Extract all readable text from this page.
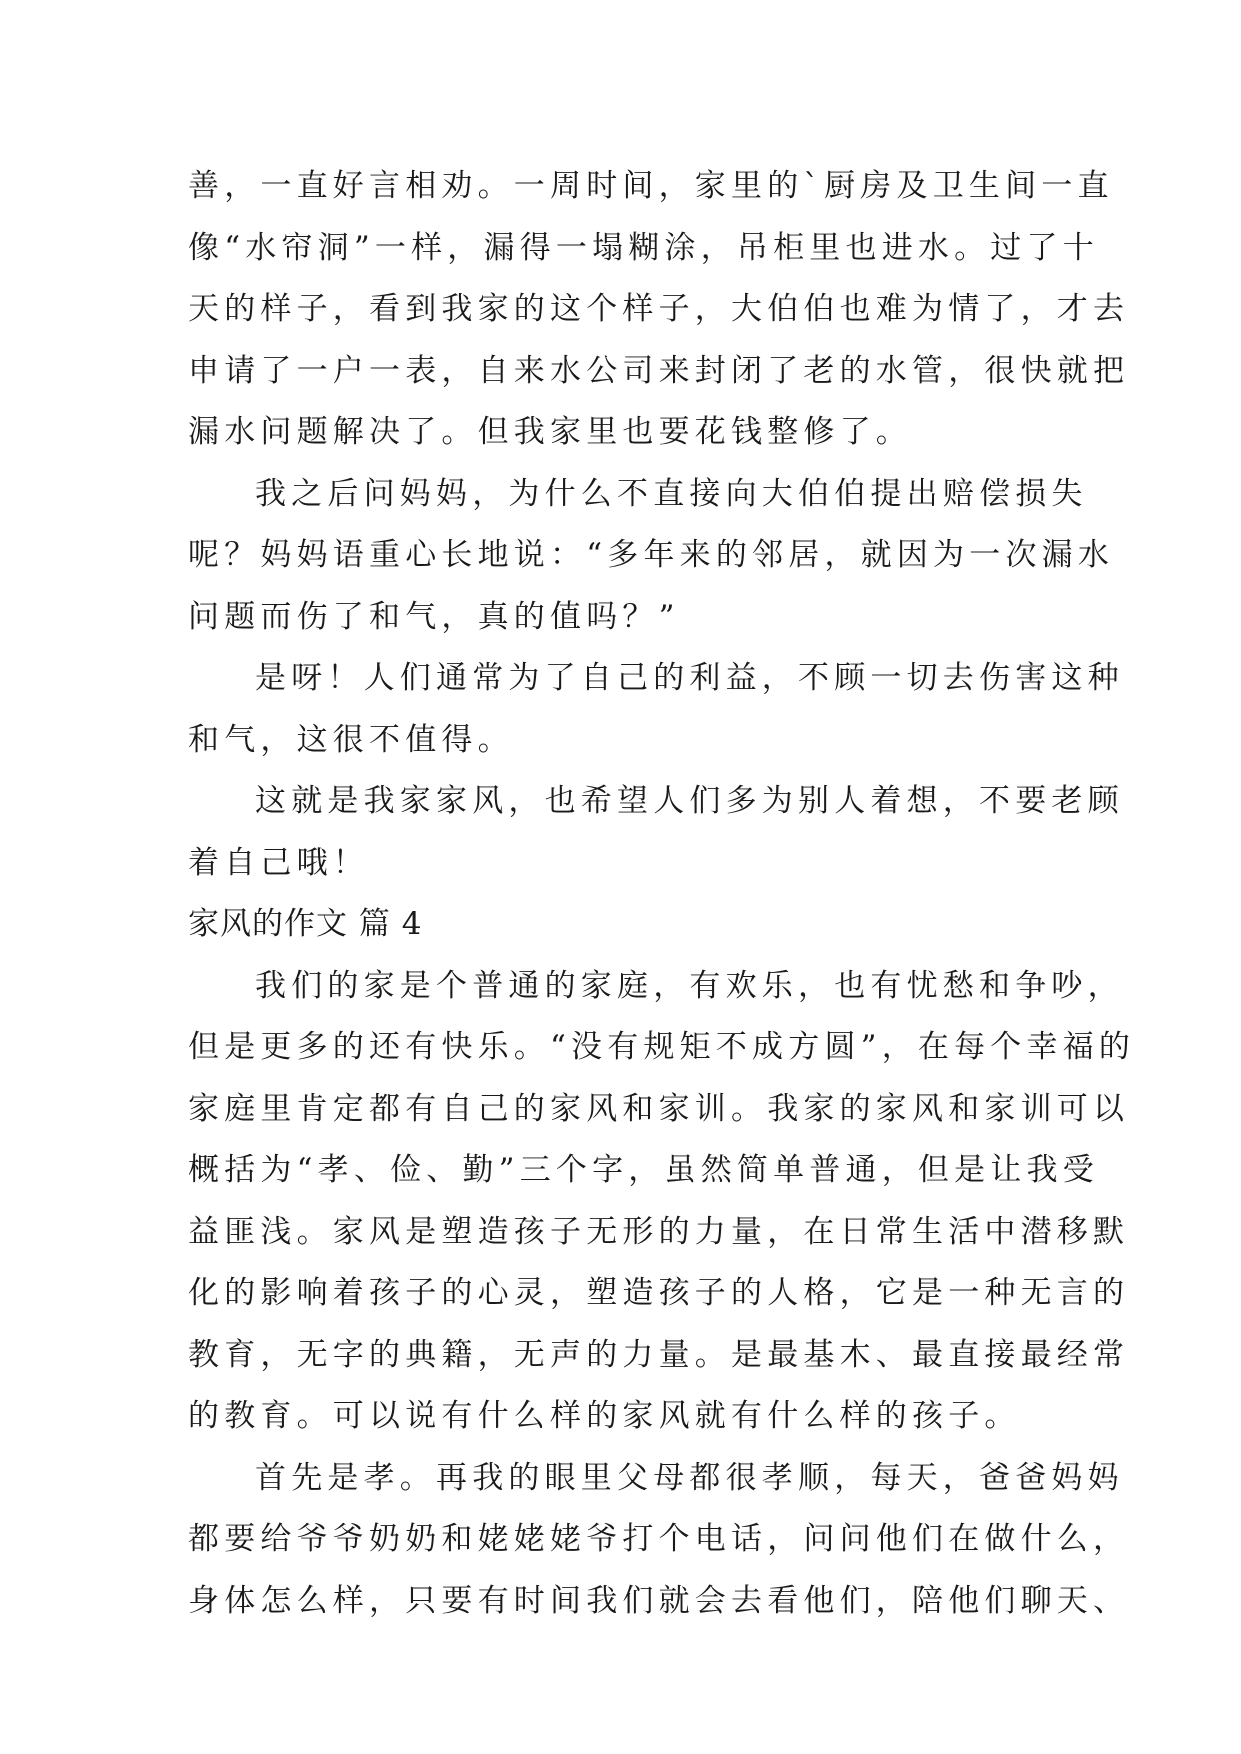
善，一直好言相劝。一周时间，家里的`厨房及卫生间一直
像“水帘洞”一样，漏得一塌糊涂，吊柜里也进水。过了十
天的样子，看到我家的这个样子，大伯伯也难为情了，才去
申请了一户一表，自来水公司来封闭了老的水管，很快就把
漏水问题解决了。但我家里也要花钱整修了。
我之后问妈妈，为什么不直接向大伯伯提出赔偿损失
呢？妈妈语重心长地说：“多年来的邻居，就因为一次漏水
问题而伤了和气，真的值吗？”
是呀！人们通常为了自己的利益，不顾一切去伤害这种
和气，这很不值得。
这就是我家家风，也希望人们多为别人着想，不要老顾
着自己哦！
家风的作文 篇 4
我们的家是个普通的家庭，有欢乐，也有忧愁和争吵，
但是更多的还有快乐。“没有规矩不成方圆”，在每个幸福的
家庭里肯定都有自己的家风和家训。我家的家风和家训可以
概括为“孝、俭、勤”三个字，虽然简单普通，但是让我受
益匪浅。家风是塑造孩子无形的力量，在日常生活中潜移默
化的影响着孩子的心灵，塑造孩子的人格，它是一种无言的
教育，无字的典籍，无声的力量。是最基木、最直接最经常
的教育。可以说有什么样的家风就有什么样的孩子。
首先是孝。再我的眼里父母都很孝顺，每天，爸爸妈妈
都要给爷爷奶奶和姥姥姥爷打个电话，问问他们在做什么，
身体怎么样，只要有时间我们就会去看他们，陪他们聊天、
